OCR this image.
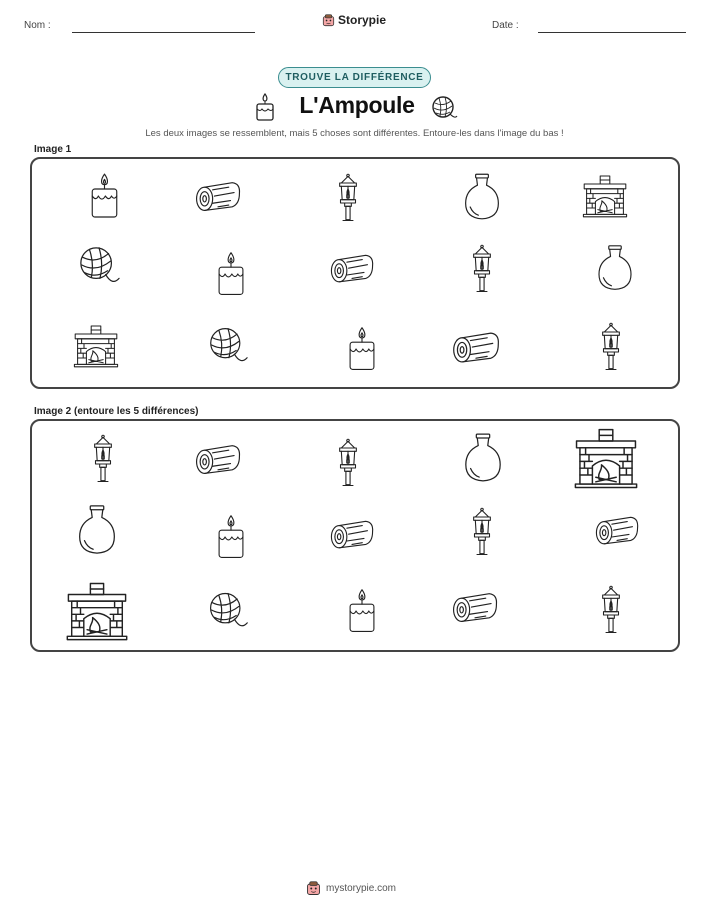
Nom :	Storypie	Date :
TROUVE LA DIFFÉRENCE
L'Ampoule
Les deux images se ressemblent, mais 5 choses sont différentes. Entoure-les dans l'image du bas !
Image 1
Image 2 (entoure les 5 différences)
mystorypie.com
